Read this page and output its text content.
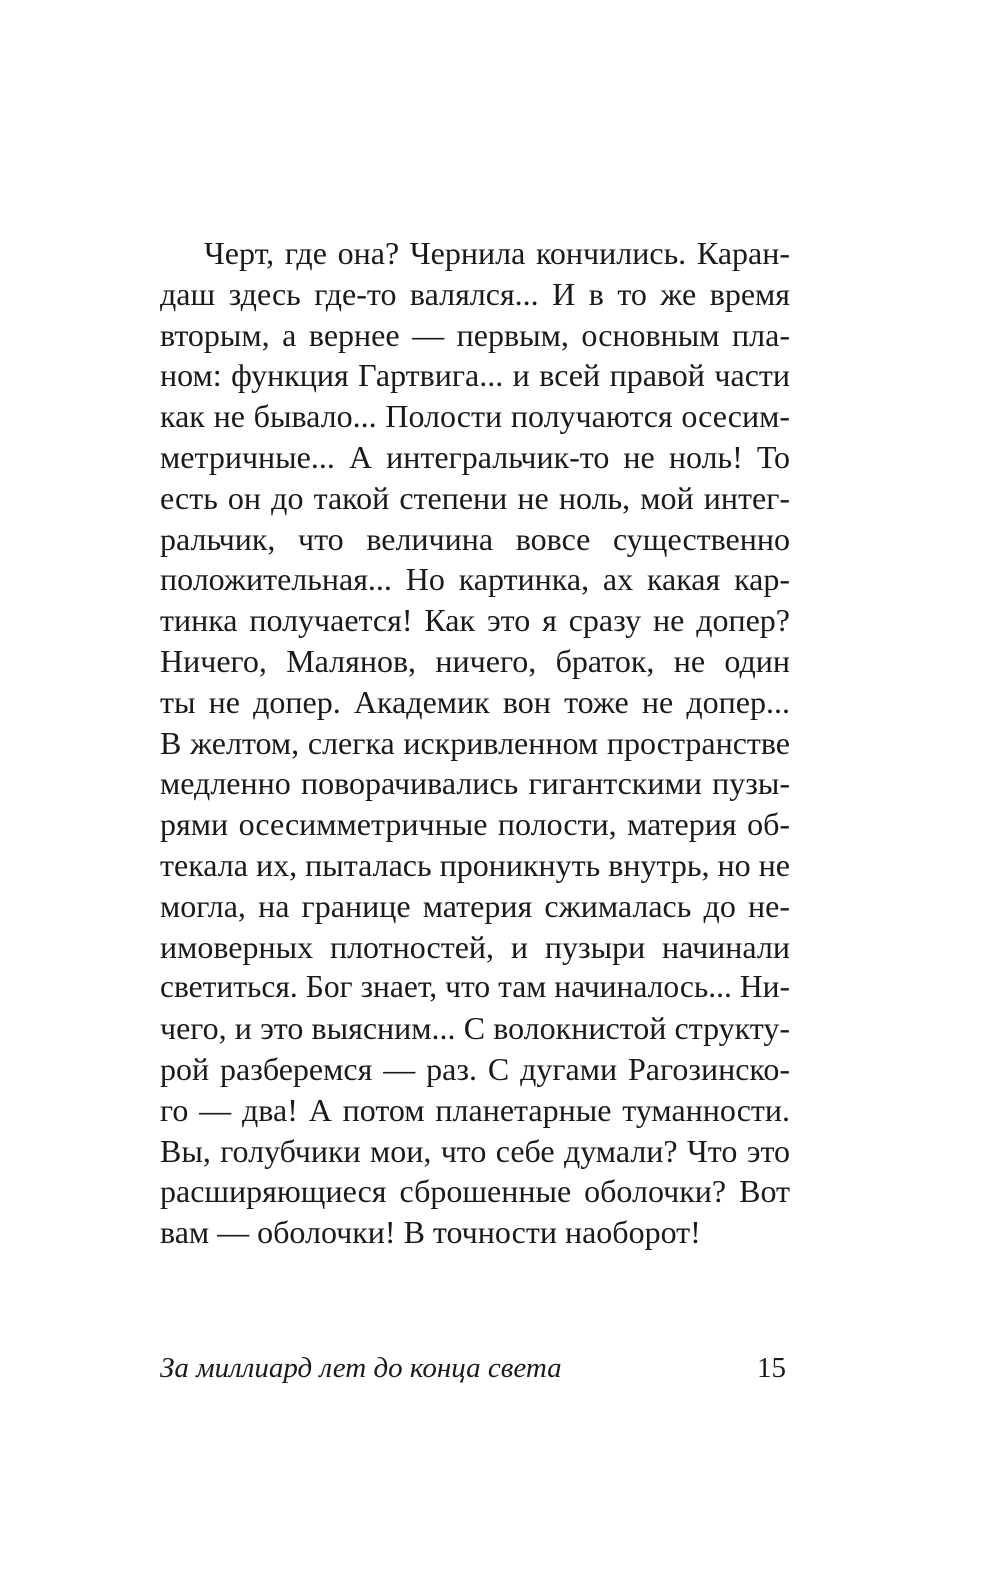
Черт, где она? Чернила кончились. Каран-
даш здесь где-то валялся... И в то же время
вторым, а вернее — первым, основным пла-
ном: функция Гартвига... и всей правой части
как не бывало... Полости получаются осесим-
метричные... А интегральчик-то не ноль! То
есть он до такой степени не ноль, мой интег-
ральчик, что величина вовсе существенно
положительная... Но картинка, ах какая кар-
тинка получается! Как это я сразу не допер?
Ничего, Малянов, ничего, браток, не один
ты не допер. Академик вон тоже не допер...
В желтом, слегка искривленном пространстве
медленно поворачивались гигантскими пузы-
рями осесимметричные полости, материя об-
текала их, пыталась проникнуть внутрь, но не
могла, на границе материя сжималась до не-
имоверных плотностей, и пузыри начинали
светиться. Бог знает, что там начиналось... Ни-
чего, и это выясним... С волокнистой структу-
рой разберемся — раз. С дугами Рагозинско-
го — два! А потом планетарные туманности.
Вы, голубчики мои, что себе думали? Что это
расширяющиеся сброшенные оболочки? Вот
вам — оболочки! В точности наоборот!
За миллиард лет до конца света	15
